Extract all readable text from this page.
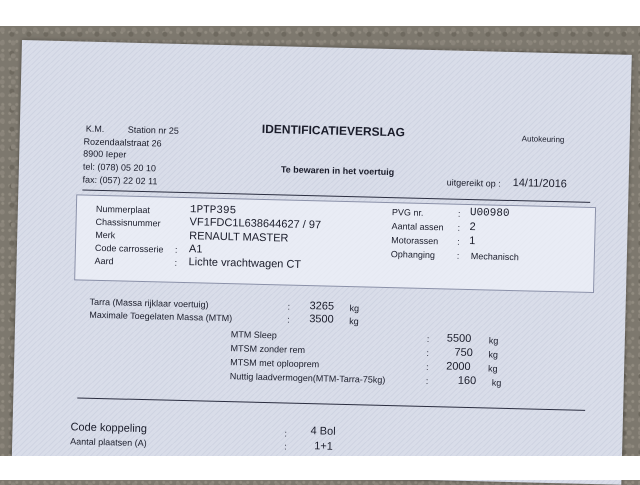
K.M.	Station nr 25
Rozendaalstraat 26
8900 Ieper
tel: (078) 05 20 10
fax: (057) 22 02 11
IDENTIFICATIEVERSLAG	Autokeuring
Te bewaren in het voertuig
uitgereikt op : 14/11/2016
Nummerplaat	1PTP395
Chassisnummer	VF1FDC1L638644627 / 97
Merk	RENAULT MASTER
Code carrosserie : A1
Aard	: Lichte vrachtwagen CT
PVG nr.	: U00980
Aantal assen : 2
Motorassen : 1
Ophanging : Mechanisch
Tarra (Massa rijklaar voertuig)	: 3265 kg
Maximale Toegelaten Massa (MTM)	: 3500 kg
MTM Sleep	: 5500 kg
MTSM zonder rem	: 750 kg
MTSM met oplooprem	: 2000 kg
Nuttig laadvermogen(MTM-Tarra-75kg)	:	160 kg
Code koppeling	: 4 Bol
Aantal plaatsen (A)	: 1+1
